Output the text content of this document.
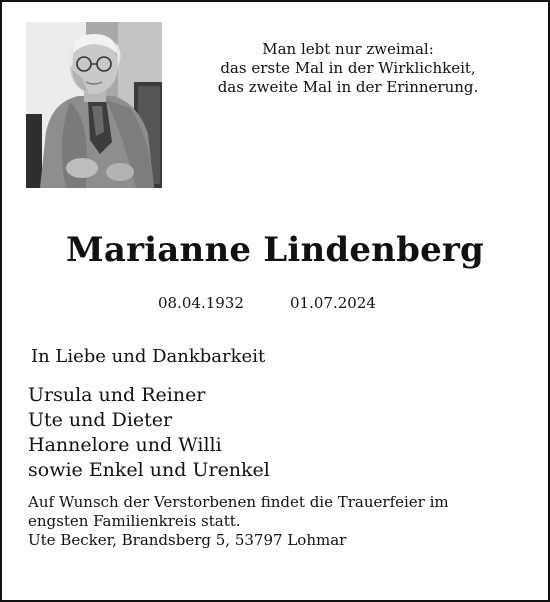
Man lebt nur zweimal:
das erste Mal in der Wirklichkeit,
das zweite Mal in der Erinnerung.
Marianne Lindenberg
08.04.1932	01.07.2024
In Liebe und Dankbarkeit
Ursula und Reiner
Ute und Dieter
Hannelore und Willi
sowie Enkel und Urenkel
Auf Wunsch der Verstorbenen findet die Trauerfeier im
engsten Familienkreis statt.
Ute Becker, Brandsberg 5, 53797 Lohmar
